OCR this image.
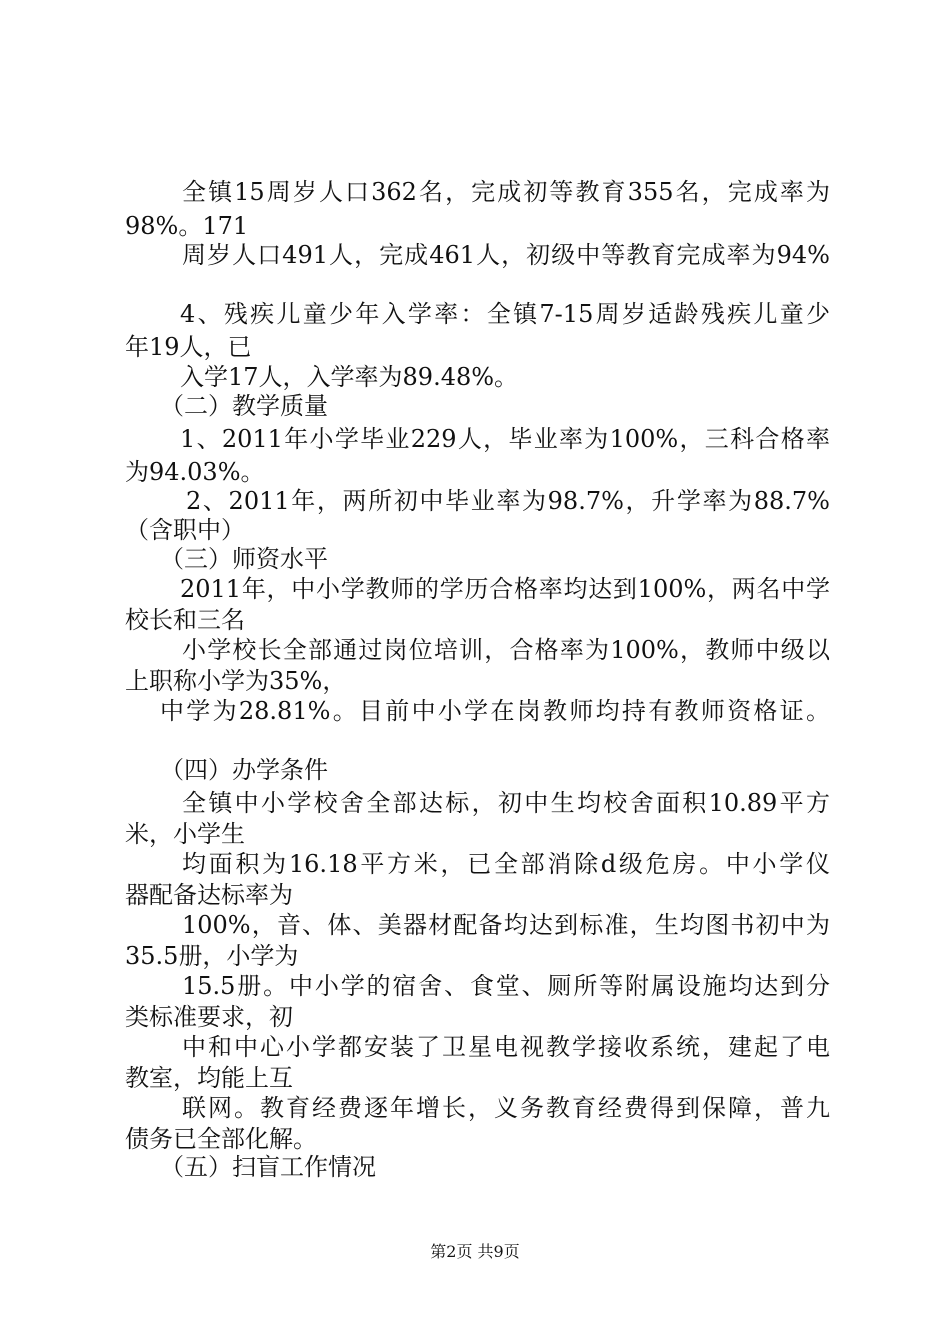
全镇15周岁人口362名，完成初等教育355名，完成率为
98%。171
周岁人口491人，完成461人，初级中等教育完成率为94%
4、残疾儿童少年入学率：全镇7-15周岁适龄残疾儿童少
年19人，已
入学17人，入学率为89.48%。
（二）教学质量
1、2011年小学毕业229人，毕业率为100%，三科合格率
为94.03%。
2、2011年，两所初中毕业率为98.7%，升学率为88.7%
（含职中）
（三）师资水平
2011年，中小学教师的学历合格率均达到100%，两名中学
校长和三名
小学校长全部通过岗位培训，合格率为100%，教师中级以
上职称小学为35%，
中学为28.81%。目前中小学在岗教师均持有教师资格证。
（四）办学条件
全镇中小学校舍全部达标，初中生均校舍面积10.89平方
米，小学生
均面积为16.18平方米，已全部消除d级危房。中小学仪
器配备达标率为
100%，音、体、美器材配备均达到标准，生均图书初中为
35.5册，小学为
15.5册。中小学的宿舍、食堂、厕所等附属设施均达到分
类标准要求，初
中和中心小学都安装了卫星电视教学接收系统，建起了电
教室，均能上互
联网。教育经费逐年增长，义务教育经费得到保障，普九
债务已全部化解。
（五）扫盲工作情况
第2页 共9页
